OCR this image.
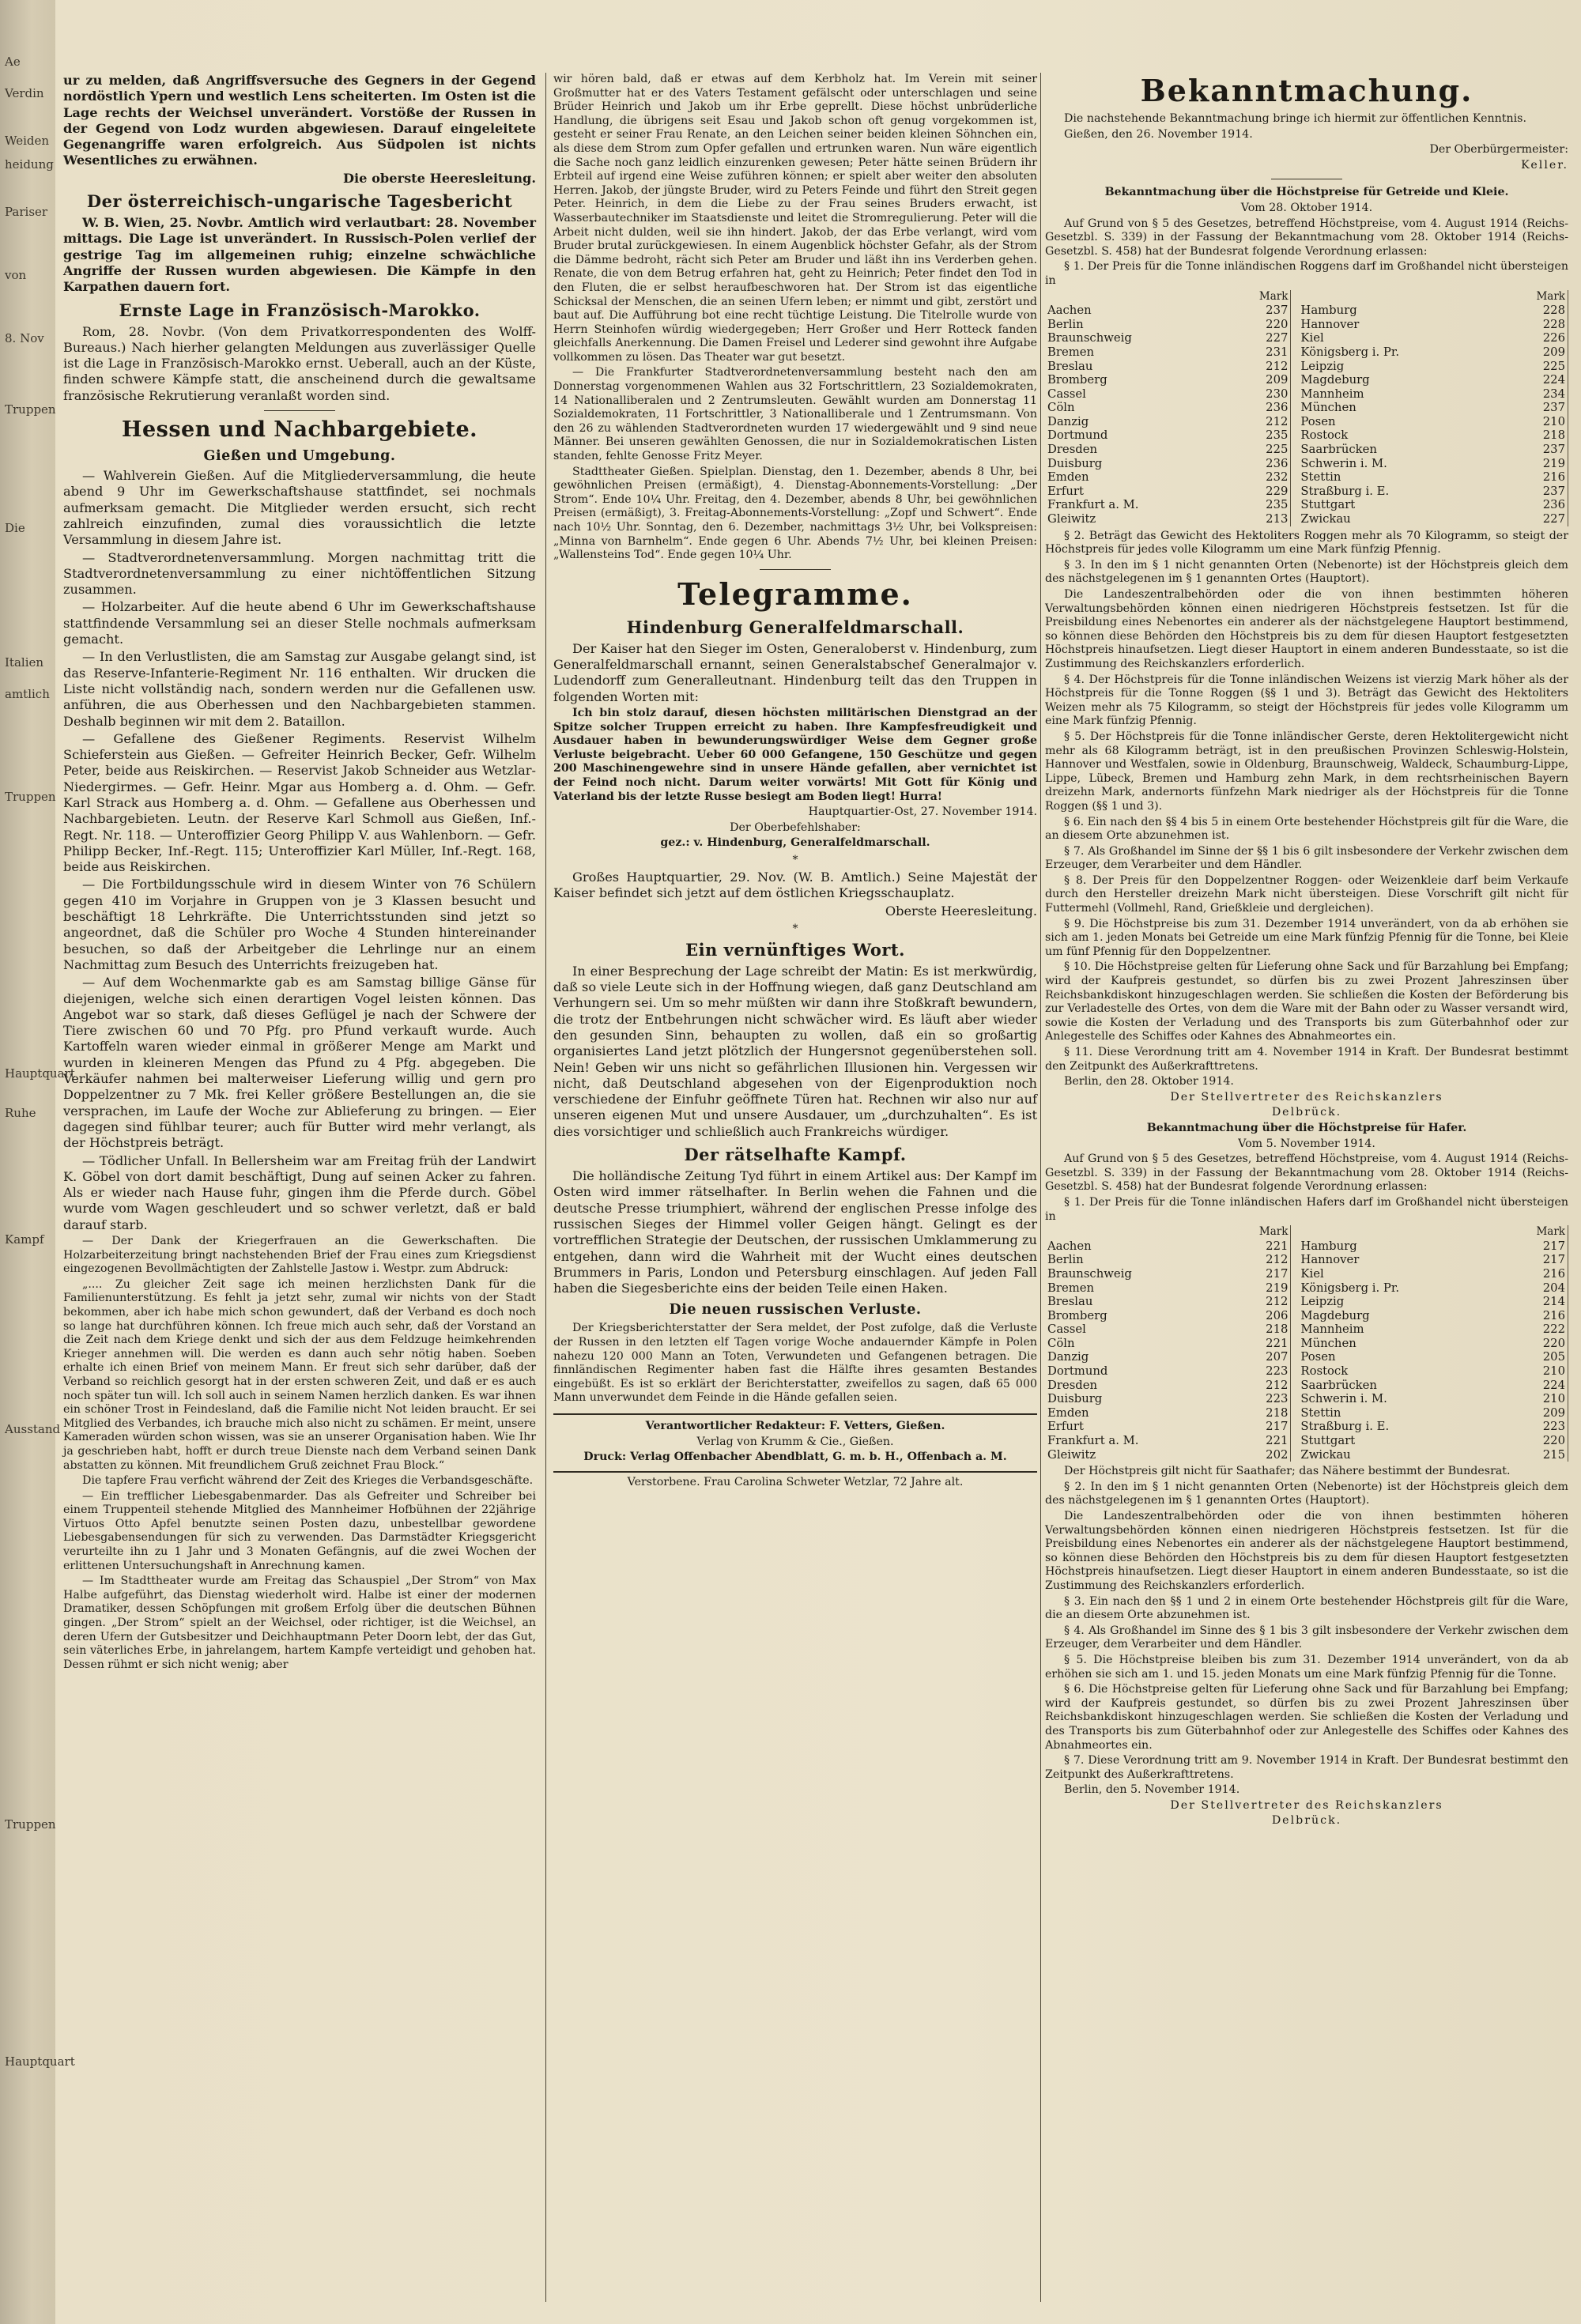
Ae
Verdin
Weiden
heidung
Pariser
von
8. Nov
Truppen
Die
Italien
amtlich
Truppen
Hauptquart
Ruhe
Kampf
Ausstand
Truppen
Hauptquart

ur zu melden, daß Angriffsversuche des Gegners in der Gegend nordöstlich Ypern und westlich Lens scheiterten. Im Osten ist die Lage rechts der Weichsel unverändert. Vorstöße der Russen in der Gegend von Lodz wurden abgewiesen. Darauf eingeleitete Gegenangriffe waren erfolgreich. Aus Südpolen ist nichts Wesentliches zu erwähnen.

Die oberste Heeresleitung.

Der österreichisch-ungarische Tagesbericht

W. B. Wien, 25. Novbr. Amtlich wird verlautbart: 28. November mittags. Die Lage ist unverändert. In Russisch-Polen verlief der gestrige Tag im allgemeinen ruhig; einzelne schwächliche Angriffe der Russen wurden abgewiesen. Die Kämpfe in den Karpathen dauern fort.

Ernste Lage in Französisch-Marokko.

Rom, 28. Novbr. (Von dem Privatkorrespondenten des Wolff-Bureaus.) Nach hierher gelangten Meldungen aus zuverlässiger Quelle ist die Lage in Französisch-Marokko ernst. Ueberall, auch an der Küste, finden schwere Kämpfe statt, die anscheinend durch die gewaltsame französische Rekrutierung veranlaßt worden sind.

Hessen und Nachbargebiete.
Gießen und Umgebung.

— Wahlverein Gießen. Auf die Mitgliederversammlung, die heute abend 9 Uhr im Gewerkschaftshause stattfindet, sei nochmals aufmerksam gemacht. Die Mitglieder werden ersucht, sich recht zahlreich einzufinden, zumal dies voraussichtlich die letzte Versammlung in diesem Jahre ist.

— Stadtverordnetenversammlung. Morgen nachmittag tritt die Stadtverordnetenversammlung zu einer nichtöffentlichen Sitzung zusammen.

— Holzarbeiter. Auf die heute abend 6 Uhr im Gewerkschaftshause stattfindende Versammlung sei an dieser Stelle nochmals aufmerksam gemacht.

— In den Verlustlisten, die am Samstag zur Ausgabe gelangt sind, ist das Reserve-Infanterie-Regiment Nr. 116 enthalten. Wir drucken die Liste nicht vollständig nach, sondern werden nur die Gefallenen usw. anführen, die aus Oberhessen und den Nachbargebieten stammen. Deshalb beginnen wir mit dem 2. Bataillon.

— Gefallene des Gießener Regiments. Reservist Wilhelm Schieferstein aus Gießen. — Gefreiter Heinrich Becker, Gefr. Wilhelm Peter, beide aus Reiskirchen. — Reservist Jakob Schneider aus Wetzlar-Niedergirmes. — Gefr. Heinr. Mgar aus Homberg a. d. Ohm. — Gefr. Karl Strack aus Homberg a. d. Ohm. — Gefallene aus Oberhessen und Nachbargebieten. Leutn. der Reserve Karl Schmoll aus Gießen, Inf.-Regt. Nr. 118. — Unteroffizier Georg Philipp V. aus Wahlenborn. — Gefr. Philipp Becker, Inf.-Regt. 115; Unteroffizier Karl Müller, Inf.-Regt. 168, beide aus Reiskirchen.

— Die Fortbildungsschule wird in diesem Winter von 76 Schülern gegen 410 im Vorjahre in Gruppen von je 3 Klassen besucht und beschäftigt 18 Lehrkräfte. Die Unterrichtsstunden sind jetzt so angeordnet, daß die Schüler pro Woche 4 Stunden hintereinander besuchen, so daß der Arbeitgeber die Lehrlinge nur an einem Nachmittag zum Besuch des Unterrichts freizugeben hat.

— Auf dem Wochenmarkte gab es am Samstag billige Gänse für diejenigen, welche sich einen derartigen Vogel leisten können. Das Angebot war so stark, daß dieses Geflügel je nach der Schwere der Tiere zwischen 60 und 70 Pfg. pro Pfund verkauft wurde. Auch Kartoffeln waren wieder einmal in größerer Menge am Markt und wurden in kleineren Mengen das Pfund zu 4 Pfg. abgegeben. Die Verkäufer nahmen bei malterweiser Lieferung willig und gern pro Doppelzentner zu 7 Mk. frei Keller größere Bestellungen an, die sie versprachen, im Laufe der Woche zur Ablieferung zu bringen. — Eier dagegen sind fühlbar teurer; auch für Butter wird mehr verlangt, als der Höchstpreis beträgt.

— Tödlicher Unfall. In Bellersheim war am Freitag früh der Landwirt K. Göbel von dort damit beschäftigt, Dung auf seinen Acker zu fahren. Als er wieder nach Hause fuhr, gingen ihm die Pferde durch. Göbel wurde vom Wagen geschleudert und so schwer verletzt, daß er bald darauf starb.

— Der Dank der Kriegerfrauen an die Gewerkschaften. Die Holzarbeiterzeitung bringt nachstehenden Brief der Frau eines zum Kriegsdienst eingezogenen Bevollmächtigten der Zahlstelle Jastow i. Westpr. zum Abdruck:

„.... Zu gleicher Zeit sage ich meinen herzlichsten Dank für die Familienunterstützung. Es fehlt ja jetzt sehr, zumal wir nichts von der Stadt bekommen, aber ich habe mich schon gewundert, daß der Verband es doch noch so lange hat durchführen können. Ich freue mich auch sehr, daß der Vorstand an die Zeit nach dem Kriege denkt und sich der aus dem Feldzuge heimkehrenden Krieger annehmen will. Die werden es dann auch sehr nötig haben. Soeben erhalte ich einen Brief von meinem Mann. Er freut sich sehr darüber, daß der Verband so reichlich gesorgt hat in der ersten schweren Zeit, und daß er es auch noch später tun will. Ich soll auch in seinem Namen herzlich danken. Es war ihnen ein schöner Trost in Feindesland, daß die Familie nicht Not leiden braucht. Er sei Mitglied des Verbandes, ich brauche mich also nicht zu schämen. Er meint, unsere Kameraden würden schon wissen, was sie an unserer Organisation haben. Wie Ihr ja geschrieben habt, hofft er durch treue Dienste nach dem Verband seinen Dank abstatten zu können. Mit freundlichem Gruß zeichnet Frau Block.“

Die tapfere Frau verficht während der Zeit des Krieges die Verbandsgeschäfte.

— Ein trefflicher Liebesgabenmarder. Das als Gefreiter und Schreiber bei einem Truppenteil stehende Mitglied des Mannheimer Hofbühnen der 22jährige Virtuos Otto Apfel benutzte seinen Posten dazu, unbestellbar gewordene Liebesgabensendungen für sich zu verwenden. Das Darmstädter Kriegsgericht verurteilte ihn zu 1 Jahr und 3 Monaten Gefängnis, auf die zwei Wochen der erlittenen Untersuchungshaft in Anrechnung kamen.

— Im Stadttheater wurde am Freitag das Schauspiel „Der Strom“ von Max Halbe aufgeführt, das Dienstag wiederholt wird. Halbe ist einer der modernen Dramatiker, dessen Schöpfungen mit großem Erfolg über die deutschen Bühnen gingen. „Der Strom“ spielt an der Weichsel, oder richtiger, ist die Weichsel, an deren Ufern der Gutsbesitzer und Deichhauptmann Peter Doorn lebt, der das Gut, sein väterliches Erbe, in jahrelangem, hartem Kampfe verteidigt und gehoben hat. Dessen rühmt er sich nicht wenig; aber

wir hören bald, daß er etwas auf dem Kerbholz hat. Im Verein mit seiner Großmutter hat er des Vaters Testament gefälscht oder unterschlagen und seine Brüder Heinrich und Jakob um ihr Erbe geprellt. Diese höchst unbrüderliche Handlung, die übrigens seit Esau und Jakob schon oft genug vorgekommen ist, gesteht er seiner Frau Renate, an den Leichen seiner beiden kleinen Söhnchen ein, als diese dem Strom zum Opfer gefallen und ertrunken waren. Nun wäre eigentlich die Sache noch ganz leidlich einzurenken gewesen; Peter hätte seinen Brüdern ihr Erbteil auf irgend eine Weise zuführen können; er spielt aber weiter den absoluten Herren. Jakob, der jüngste Bruder, wird zu Peters Feinde und führt den Streit gegen Peter. Heinrich, in dem die Liebe zu der Frau seines Bruders erwacht, ist Wasserbautechniker im Staatsdienste und leitet die Stromregulierung. Peter will die Arbeit nicht dulden, weil sie ihn hindert. Jakob, der das Erbe verlangt, wird vom Bruder brutal zurückgewiesen. In einem Augenblick höchster Gefahr, als der Strom die Dämme bedroht, rächt sich Peter am Bruder und läßt ihn ins Verderben gehen. Renate, die von dem Betrug erfahren hat, geht zu Heinrich; Peter findet den Tod in den Fluten, die er selbst heraufbeschworen hat. Der Strom ist das eigentliche Schicksal der Menschen, die an seinen Ufern leben; er nimmt und gibt, zerstört und baut auf. Die Aufführung bot eine recht tüchtige Leistung. Die Titelrolle wurde von Herrn Steinhofen würdig wiedergegeben; Herr Großer und Herr Rotteck fanden gleichfalls Anerkennung. Die Damen Freisel und Lederer sind gewohnt ihre Aufgabe vollkommen zu lösen. Das Theater war gut besetzt.

— Die Frankfurter Stadtverordnetenversammlung besteht nach den am Donnerstag vorgenommenen Wahlen aus 32 Fortschrittlern, 23 Sozialdemokraten, 14 Nationalliberalen und 2 Zentrumsleuten. Gewählt wurden am Donnerstag 11 Sozialdemokraten, 11 Fortschrittler, 3 Nationalliberale und 1 Zentrumsmann. Von den 26 zu wählenden Stadtverordneten wurden 17 wiedergewählt und 9 sind neue Männer. Bei unseren gewählten Genossen, die nur in Sozialdemokratischen Listen standen, fehlte Genosse Fritz Meyer.

Stadttheater Gießen. Spielplan. Dienstag, den 1. Dezember, abends 8 Uhr, bei gewöhnlichen Preisen (ermäßigt), 4. Dienstag-Abonnements-Vorstellung: „Der Strom“. Ende 10¼ Uhr. Freitag, den 4. Dezember, abends 8 Uhr, bei gewöhnlichen Preisen (ermäßigt), 3. Freitag-Abonnements-Vorstellung: „Zopf und Schwert“. Ende nach 10½ Uhr. Sonntag, den 6. Dezember, nachmittags 3½ Uhr, bei Volkspreisen: „Minna von Barnhelm“. Ende gegen 6 Uhr. Abends 7½ Uhr, bei kleinen Preisen: „Wallensteins Tod“. Ende gegen 10¼ Uhr.

Telegramme.
Hindenburg Generalfeldmarschall.

Der Kaiser hat den Sieger im Osten, Generaloberst v. Hindenburg, zum Generalfeldmarschall ernannt, seinen Generalstabschef Generalmajor v. Ludendorff zum Generalleutnant. Hindenburg teilt das den Truppen in folgenden Worten mit:

Ich bin stolz darauf, diesen höchsten militärischen Dienstgrad an der Spitze solcher Truppen erreicht zu haben. Ihre Kampfesfreudigkeit und Ausdauer haben in bewunderungswürdiger Weise dem Gegner große Verluste beigebracht. Ueber 60 000 Gefangene, 150 Geschütze und gegen 200 Maschinengewehre sind in unsere Hände gefallen, aber vernichtet ist der Feind noch nicht. Darum weiter vorwärts! Mit Gott für König und Vaterland bis der letzte Russe besiegt am Boden liegt! Hurra!

Hauptquartier-Ost, 27. November 1914.

Der Oberbefehlshaber:

gez.: v. Hindenburg, Generalfeldmarschall.

*

Großes Hauptquartier, 29. Nov. (W. B. Amtlich.) Seine Majestät der Kaiser befindet sich jetzt auf dem östlichen Kriegsschauplatz.

Oberste Heeresleitung.

*
Ein vernünftiges Wort.

In einer Besprechung der Lage schreibt der Matin: Es ist merkwürdig, daß so viele Leute sich in der Hoffnung wiegen, daß ganz Deutschland am Verhungern sei. Um so mehr müßten wir dann ihre Stoßkraft bewundern, die trotz der Entbehrungen nicht schwächer wird. Es läuft aber wieder den gesunden Sinn, behaupten zu wollen, daß ein so großartig organisiertes Land jetzt plötzlich der Hungersnot gegenüberstehen soll. Nein! Geben wir uns nicht so gefährlichen Illusionen hin. Vergessen wir nicht, daß Deutschland abgesehen von der Eigenproduktion noch verschiedene der Einfuhr geöffnete Türen hat. Rechnen wir also nur auf unseren eigenen Mut und unsere Ausdauer, um „durchzuhalten“. Es ist dies vorsichtiger und schließlich auch Frankreichs würdiger.

Der rätselhafte Kampf.

Die holländische Zeitung Tyd führt in einem Artikel aus: Der Kampf im Osten wird immer rätselhafter. In Berlin wehen die Fahnen und die deutsche Presse triumphiert, während der englischen Presse infolge des russischen Sieges der Himmel voller Geigen hängt. Gelingt es der vortrefflichen Strategie der Deutschen, der russischen Umklammerung zu entgehen, dann wird die Wahrheit mit der Wucht eines deutschen Brummers in Paris, London und Petersburg einschlagen. Auf jeden Fall haben die Siegesberichte eins der beiden Teile einen Haken.

Die neuen russischen Verluste.

Der Kriegsberichterstatter der Sera meldet, der Post zufolge, daß die Verluste der Russen in den letzten elf Tagen vorige Woche andauernder Kämpfe in Polen nahezu 120 000 Mann an Toten, Verwundeten und Gefangenen betragen. Die finnländischen Regimenter haben fast die Hälfte ihres gesamten Bestandes eingebüßt. Es ist so erklärt der Berichterstatter, zweifellos zu sagen, daß 65 000 Mann unverwundet dem Feinde in die Hände gefallen seien.

Verantwortlicher Redakteur: F. Vetters, Gießen.

Verlag von Krumm & Cie., Gießen.

Druck: Verlag Offenbacher Abendblatt, G. m. b. H., Offenbach a. M.

Verstorbene. Frau Carolina Schweter Wetzlar, 72 Jahre alt.

Bekanntmachung.

Die nachstehende Bekanntmachung bringe ich hiermit zur öffentlichen Kenntnis.

Gießen, den 26. November 1914.

Der Oberbürgermeister:

Keller.

Bekanntmachung über die Höchstpreise für Getreide und Kleie.

Vom 28. Oktober 1914.

Auf Grund von § 5 des Gesetzes, betreffend Höchstpreise, vom 4. August 1914 (Reichs-Gesetzbl. S. 339) in der Fassung der Bekanntmachung vom 28. Oktober 1914 (Reichs-Gesetzbl. S. 458) hat der Bundesrat folgende Verordnung erlassen:

§ 1. Der Preis für die Tonne inländischen Roggens darf im Großhandel nicht übersteigen in

	Mark		Mark
Aachen	237	Hamburg	228
Berlin	220	Hannover	228
Braunschweig	227	Kiel	226
Bremen	231	Königsberg i. Pr.	209
Breslau	212	Leipzig	225
Bromberg	209	Magdeburg	224
Cassel	230	Mannheim	234
Cöln	236	München	237
Danzig	212	Posen	210
Dortmund	235	Rostock	218
Dresden	225	Saarbrücken	237
Duisburg	236	Schwerin i. M.	219
Emden	232	Stettin	216
Erfurt	229	Straßburg i. E.	237
Frankfurt a. M.	235	Stuttgart	236
Gleiwitz	213	Zwickau	227

§ 2. Beträgt das Gewicht des Hektoliters Roggen mehr als 70 Kilogramm, so steigt der Höchstpreis für jedes volle Kilogramm um eine Mark fünfzig Pfennig.

§ 3. In den im § 1 nicht genannten Orten (Nebenorte) ist der Höchstpreis gleich dem des nächstgelegenen im § 1 genannten Ortes (Hauptort).

Die Landeszentralbehörden oder die von ihnen bestimmten höheren Verwaltungsbehörden können einen niedrigeren Höchstpreis festsetzen. Ist für die Preisbildung eines Nebenortes ein anderer als der nächstgelegene Hauptort bestimmend, so können diese Behörden den Höchstpreis bis zu dem für diesen Hauptort festgesetzten Höchstpreis hinaufsetzen. Liegt dieser Hauptort in einem anderen Bundesstaate, so ist die Zustimmung des Reichskanzlers erforderlich.

§ 4. Der Höchstpreis für die Tonne inländischen Weizens ist vierzig Mark höher als der Höchstpreis für die Tonne Roggen (§§ 1 und 3). Beträgt das Gewicht des Hektoliters Weizen mehr als 75 Kilogramm, so steigt der Höchstpreis für jedes volle Kilogramm um eine Mark fünfzig Pfennig.

§ 5. Der Höchstpreis für die Tonne inländischer Gerste, deren Hektolitergewicht nicht mehr als 68 Kilogramm beträgt, ist in den preußischen Provinzen Schleswig-Holstein, Hannover und Westfalen, sowie in Oldenburg, Braunschweig, Waldeck, Schaumburg-Lippe, Lippe, Lübeck, Bremen und Hamburg zehn Mark, in dem rechtsrheinischen Bayern dreizehn Mark, andernorts fünfzehn Mark niedriger als der Höchstpreis für die Tonne Roggen (§§ 1 und 3).

§ 6. Ein nach den §§ 4 bis 5 in einem Orte bestehender Höchstpreis gilt für die Ware, die an diesem Orte abzunehmen ist.

§ 7. Als Großhandel im Sinne der §§ 1 bis 6 gilt insbesondere der Verkehr zwischen dem Erzeuger, dem Verarbeiter und dem Händler.

§ 8. Der Preis für den Doppelzentner Roggen- oder Weizenkleie darf beim Verkaufe durch den Hersteller dreizehn Mark nicht übersteigen. Diese Vorschrift gilt nicht für Futtermehl (Vollmehl, Rand, Grießkleie und dergleichen).

§ 9. Die Höchstpreise bis zum 31. Dezember 1914 unverändert, von da ab erhöhen sie sich am 1. jeden Monats bei Getreide um eine Mark fünfzig Pfennig für die Tonne, bei Kleie um fünf Pfennig für den Doppelzentner.

§ 10. Die Höchstpreise gelten für Lieferung ohne Sack und für Barzahlung bei Empfang; wird der Kaufpreis gestundet, so dürfen bis zu zwei Prozent Jahreszinsen über Reichsbankdiskont hinzugeschlagen werden. Sie schließen die Kosten der Beförderung bis zur Verladestelle des Ortes, von dem die Ware mit der Bahn oder zu Wasser versandt wird, sowie die Kosten der Verladung und des Transports bis zum Güterbahnhof oder zur Anlegestelle des Schiffes oder Kahnes des Abnahmeortes ein.

§ 11. Diese Verordnung tritt am 4. November 1914 in Kraft. Der Bundesrat bestimmt den Zeitpunkt des Außerkrafttretens.

Berlin, den 28. Oktober 1914.

Der Stellvertreter des Reichskanzlers

Delbrück.

Bekanntmachung über die Höchstpreise für Hafer.

Vom 5. November 1914.

Auf Grund von § 5 des Gesetzes, betreffend Höchstpreise, vom 4. August 1914 (Reichs-Gesetzbl. S. 339) in der Fassung der Bekanntmachung vom 28. Oktober 1914 (Reichs-Gesetzbl. S. 458) hat der Bundesrat folgende Verordnung erlassen:

§ 1. Der Preis für die Tonne inländischen Hafers darf im Großhandel nicht übersteigen in

	Mark		Mark
Aachen	221	Hamburg	217
Berlin	212	Hannover	217
Braunschweig	217	Kiel	216
Bremen	219	Königsberg i. Pr.	204
Breslau	212	Leipzig	214
Bromberg	206	Magdeburg	216
Cassel	218	Mannheim	222
Cöln	221	München	220
Danzig	207	Posen	205
Dortmund	223	Rostock	210
Dresden	212	Saarbrücken	224
Duisburg	223	Schwerin i. M.	210
Emden	218	Stettin	209
Erfurt	217	Straßburg i. E.	223
Frankfurt a. M.	221	Stuttgart	220
Gleiwitz	202	Zwickau	215

Der Höchstpreis gilt nicht für Saathafer; das Nähere bestimmt der Bundesrat.

§ 2. In den im § 1 nicht genannten Orten (Nebenorte) ist der Höchstpreis gleich dem des nächstgelegenen im § 1 genannten Ortes (Hauptort).

Die Landeszentralbehörden oder die von ihnen bestimmten höheren Verwaltungsbehörden können einen niedrigeren Höchstpreis festsetzen. Ist für die Preisbildung eines Nebenortes ein anderer als der nächstgelegene Hauptort bestimmend, so können diese Behörden den Höchstpreis bis zu dem für diesen Hauptort festgesetzten Höchstpreis hinaufsetzen. Liegt dieser Hauptort in einem anderen Bundesstaate, so ist die Zustimmung des Reichskanzlers erforderlich.

§ 3. Ein nach den §§ 1 und 2 in einem Orte bestehender Höchstpreis gilt für die Ware, die an diesem Orte abzunehmen ist.

§ 4. Als Großhandel im Sinne des § 1 bis 3 gilt insbesondere der Verkehr zwischen dem Erzeuger, dem Verarbeiter und dem Händler.

§ 5. Die Höchstpreise bleiben bis zum 31. Dezember 1914 unverändert, von da ab erhöhen sie sich am 1. und 15. jeden Monats um eine Mark fünfzig Pfennig für die Tonne.

§ 6. Die Höchstpreise gelten für Lieferung ohne Sack und für Barzahlung bei Empfang; wird der Kaufpreis gestundet, so dürfen bis zu zwei Prozent Jahreszinsen über Reichsbankdiskont hinzugeschlagen werden. Sie schließen die Kosten der Verladung und des Transports bis zum Güterbahnhof oder zur Anlegestelle des Schiffes oder Kahnes des Abnahmeortes ein.

§ 7. Diese Verordnung tritt am 9. November 1914 in Kraft. Der Bundesrat bestimmt den Zeitpunkt des Außerkrafttretens.

Berlin, den 5. November 1914.

Der Stellvertreter des Reichskanzlers

Delbrück.
